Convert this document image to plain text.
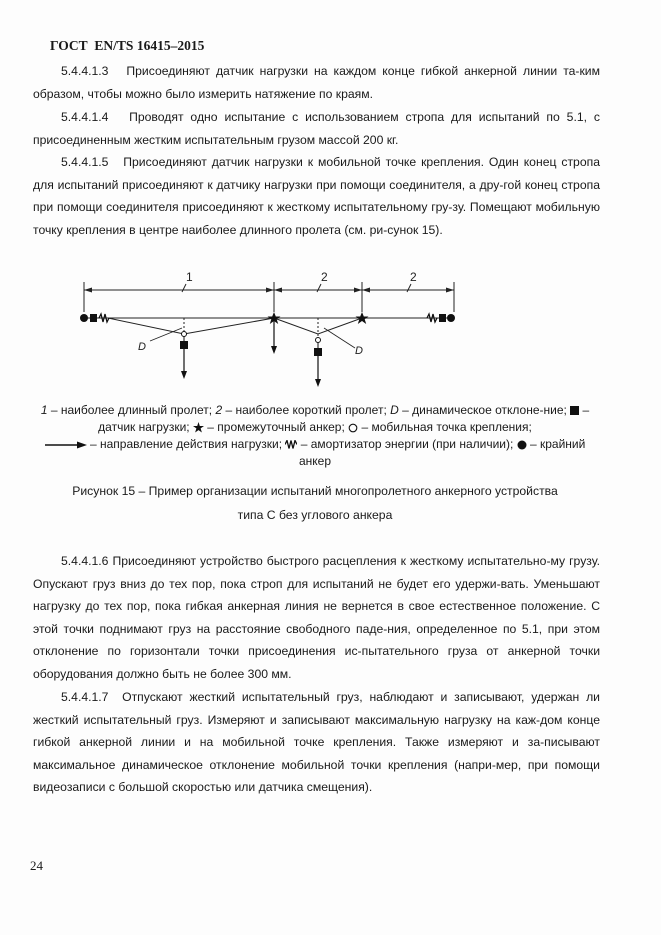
ГОСТ  EN/TS 16415–2015

5.4.4.1.3 Присоединяют датчик нагрузки на каждом конце гибкой анкерной линии та-ким образом, чтобы можно было измерить натяжение по краям.

5.4.4.1.4 Проводят одно испытание с использованием стропа для испытаний по 5.1, с присоединенным жестким испытательным грузом массой 200 кг.

5.4.4.1.5 Присоединяют датчик нагрузки к мобильной точке крепления. Один конец стропа для испытаний присоединяют к датчику нагрузки при помощи соединителя, а дру-гой конец стропа при помощи соединителя присоединяют к жесткому испытательному гру-зу. Помещают мобильную точку крепления в центре наиболее длинного пролета (см. ри-сунок 15).

1	2	2
D	D

1 – наиболее длинный пролет; 2 – наиболее короткий пролет; D – динамическое отклоне-ние;  – датчик нагрузки;  – промежуточный анкер;  – мобильная точка крепления;
– направление действия нагрузки;  – амортизатор энергии (при наличии);  – крайний анкер

Рисунок 15 – Пример организации испытаний многопролетного анкерного устройства

типа С без углового анкера

5.4.4.1.6 Присоединяют устройство быстрого расцепления к жесткому испытательно-му грузу. Опускают груз вниз до тех пор, пока строп для испытаний не будет его удержи-вать. Уменьшают нагрузку до тех пор, пока гибкая анкерная линия не вернется в свое естественное положение. С этой точки поднимают груз на расстояние свободного паде-ния, определенное по 5.1, при этом отклонение по горизонтали точки присоединения ис-пытательного груза от анкерной точки оборудования должно быть не более 300 мм.

5.4.4.1.7 Отпускают жесткий испытательный груз, наблюдают и записывают, удержан ли жесткий испытательный груз. Измеряют и записывают максимальную нагрузку на каж-дом конце гибкой анкерной линии и на мобильной точке крепления. Также измеряют и за-писывают максимальное динамическое отклонение мобильной точки крепления (напри-мер, при помощи видеозаписи с большой скоростью или датчика смещения).

24
